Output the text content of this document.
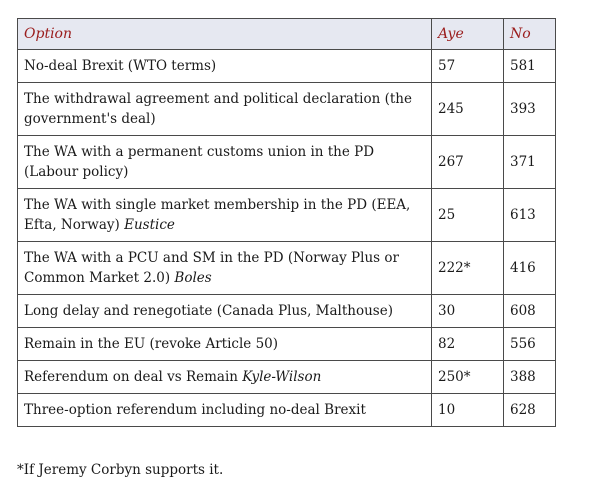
Option	Aye	No
No-deal Brexit (WTO terms)	57	581
The withdrawal agreement and political declaration (the government's deal)	245	393
The WA with a permanent customs union in the PD (Labour policy)	267	371
The WA with single market membership in the PD (EEA, Efta, Norway) Eustice	25	613
The WA with a PCU and SM in the PD (Norway Plus or Common Market 2.0) Boles	222*	416
Long delay and renegotiate (Canada Plus, Malthouse)	30	608
Remain in the EU (revoke Article 50)	82	556
Referendum on deal vs Remain Kyle-Wilson	250*	388
Three-option referendum including no-deal Brexit	10	628
*If Jeremy Corbyn supports it.
